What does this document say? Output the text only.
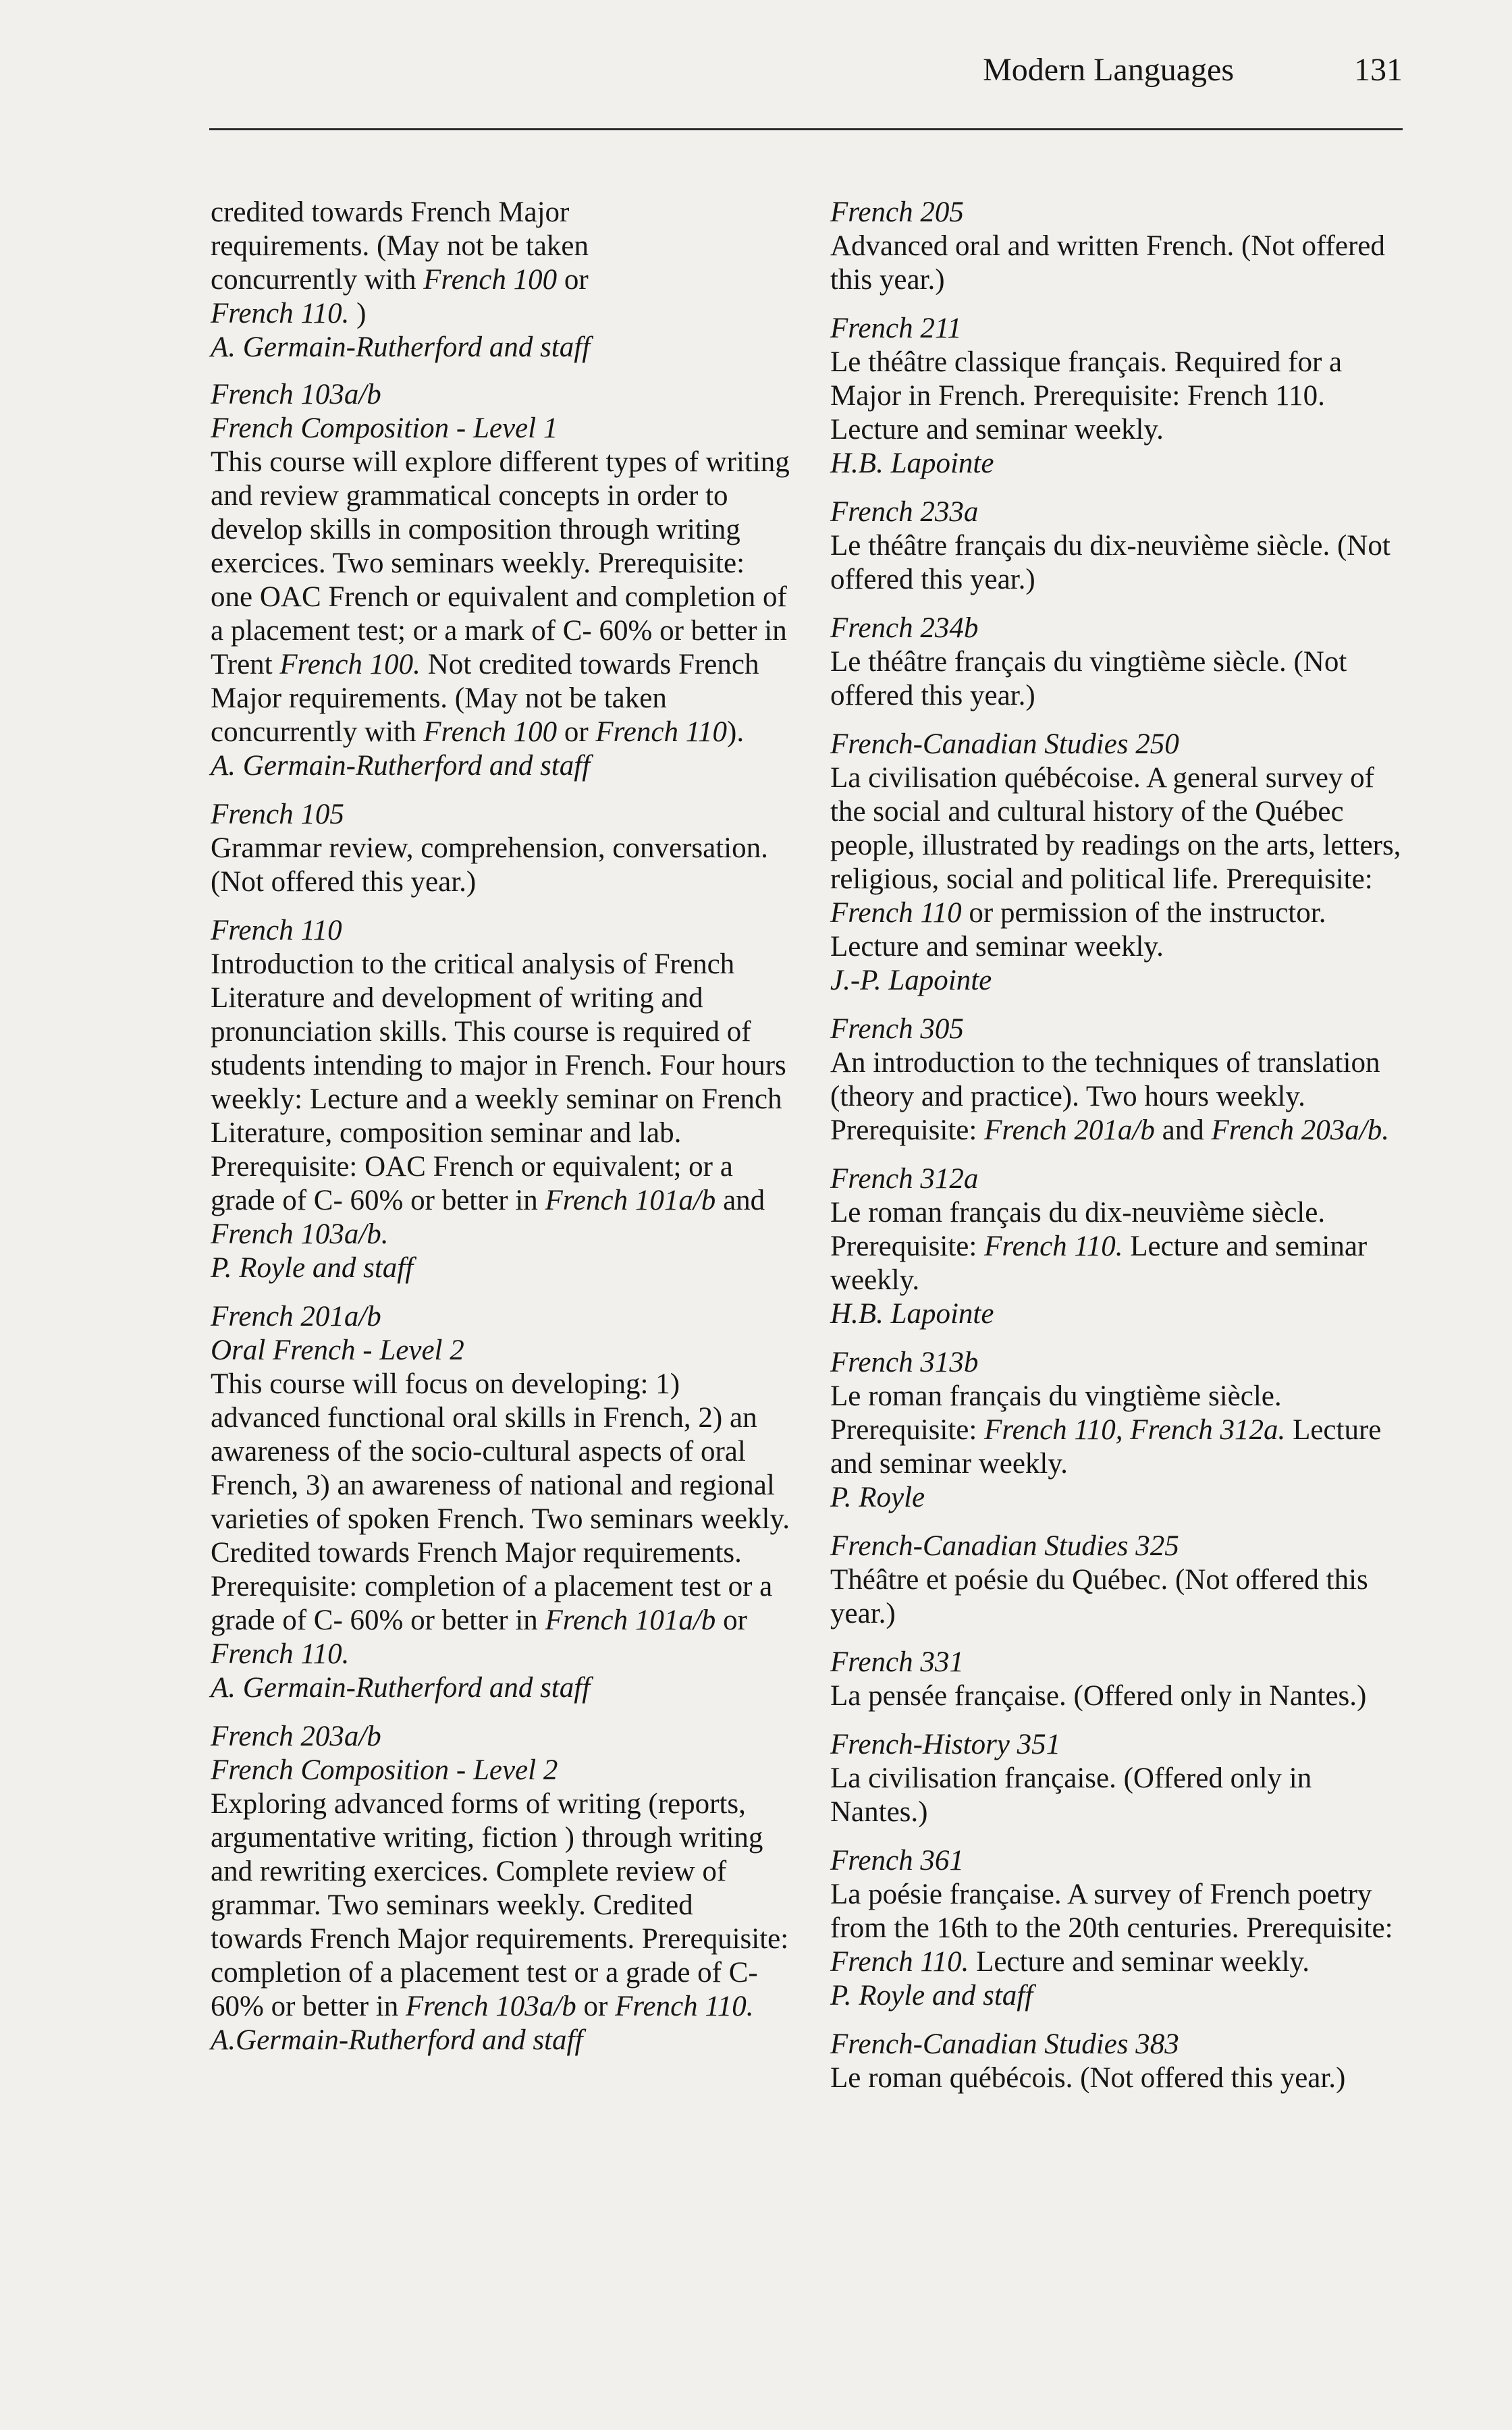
Modern Languages	131

credited towards French Major
requirements. (May not be taken
concurrently with French 100 or
French 110. )

A. Germain-Rutherford and staff

French 103a/b

French Composition - Level 1

This course will explore different types of writing and review grammatical concepts in order to develop skills in composition through writing exercices. Two seminars weekly. Prerequisite: one OAC French or equivalent and completion of a placement test; or a mark of C- 60% or better in Trent French 100. Not credited towards French Major requirements. (May not be taken concurrently with French 100 or French 110).

A. Germain-Rutherford and staff

French 105

Grammar review, comprehension, conversation. (Not offered this year.)

French 110

Introduction to the critical analysis of French Literature and development of writing and pronunciation skills. This course is required of students intending to major in French. Four hours weekly: Lecture and a weekly seminar on French Literature, composition seminar and lab. Prerequisite: OAC French or equivalent; or a grade of C- 60% or better in French 101a/b and French 103a/b.

P. Royle and staff

French 201a/b

Oral French - Level 2

This course will focus on developing: 1) advanced functional oral skills in French, 2) an awareness of the socio-cultural aspects of oral French, 3) an awareness of national and regional varieties of spoken French. Two seminars weekly. Credited towards French Major requirements. Prerequisite: completion of a placement test or a grade of C- 60% or better in French 101a/b or French 110.

A. Germain-Rutherford and staff

French 203a/b

French Composition - Level 2

Exploring advanced forms of writing (reports, argumentative writing, fiction ) through writing and rewriting exercices. Complete review of grammar. Two seminars weekly. Credited towards French Major requirements. Prerequisite: completion of a placement test or a grade of C- 60% or better in French 103a/b or French 110.

A.Germain-Rutherford and staff

French 205

Advanced oral and written French. (Not offered this year.)

French 211

Le théâtre classique français. Required for a Major in French. Prerequisite: French 110. Lecture and seminar weekly.

H.B. Lapointe

French 233a

Le théâtre français du dix-neuvième siècle. (Not offered this year.)

French 234b

Le théâtre français du vingtième siècle. (Not offered this year.)

French-Canadian Studies 250

La civilisation québécoise. A general survey of the social and cultural history of the Québec people, illustrated by readings on the arts, letters, religious, social and political life. Prerequisite: French 110 or permission of the instructor. Lecture and seminar weekly.

J.-P. Lapointe

French 305

An introduction to the techniques of translation (theory and practice). Two hours weekly. Prerequisite: French 201a/b and French 203a/b.

French 312a

Le roman français du dix-neuvième siècle. Prerequisite: French 110. Lecture and seminar weekly.

H.B. Lapointe

French 313b

Le roman français du vingtième siècle. Prerequisite: French 110, French 312a. Lecture and seminar weekly.

P. Royle

French-Canadian Studies 325

Théâtre et poésie du Québec. (Not offered this year.)

French 331

La pensée française. (Offered only in Nantes.)

French-History 351

La civilisation française. (Offered only in Nantes.)

French 361

La poésie française. A survey of French poetry from the 16th to the 20th centuries. Prerequisite: French 110. Lecture and seminar weekly.

P. Royle and staff

French-Canadian Studies 383

Le roman québécois. (Not offered this year.)
